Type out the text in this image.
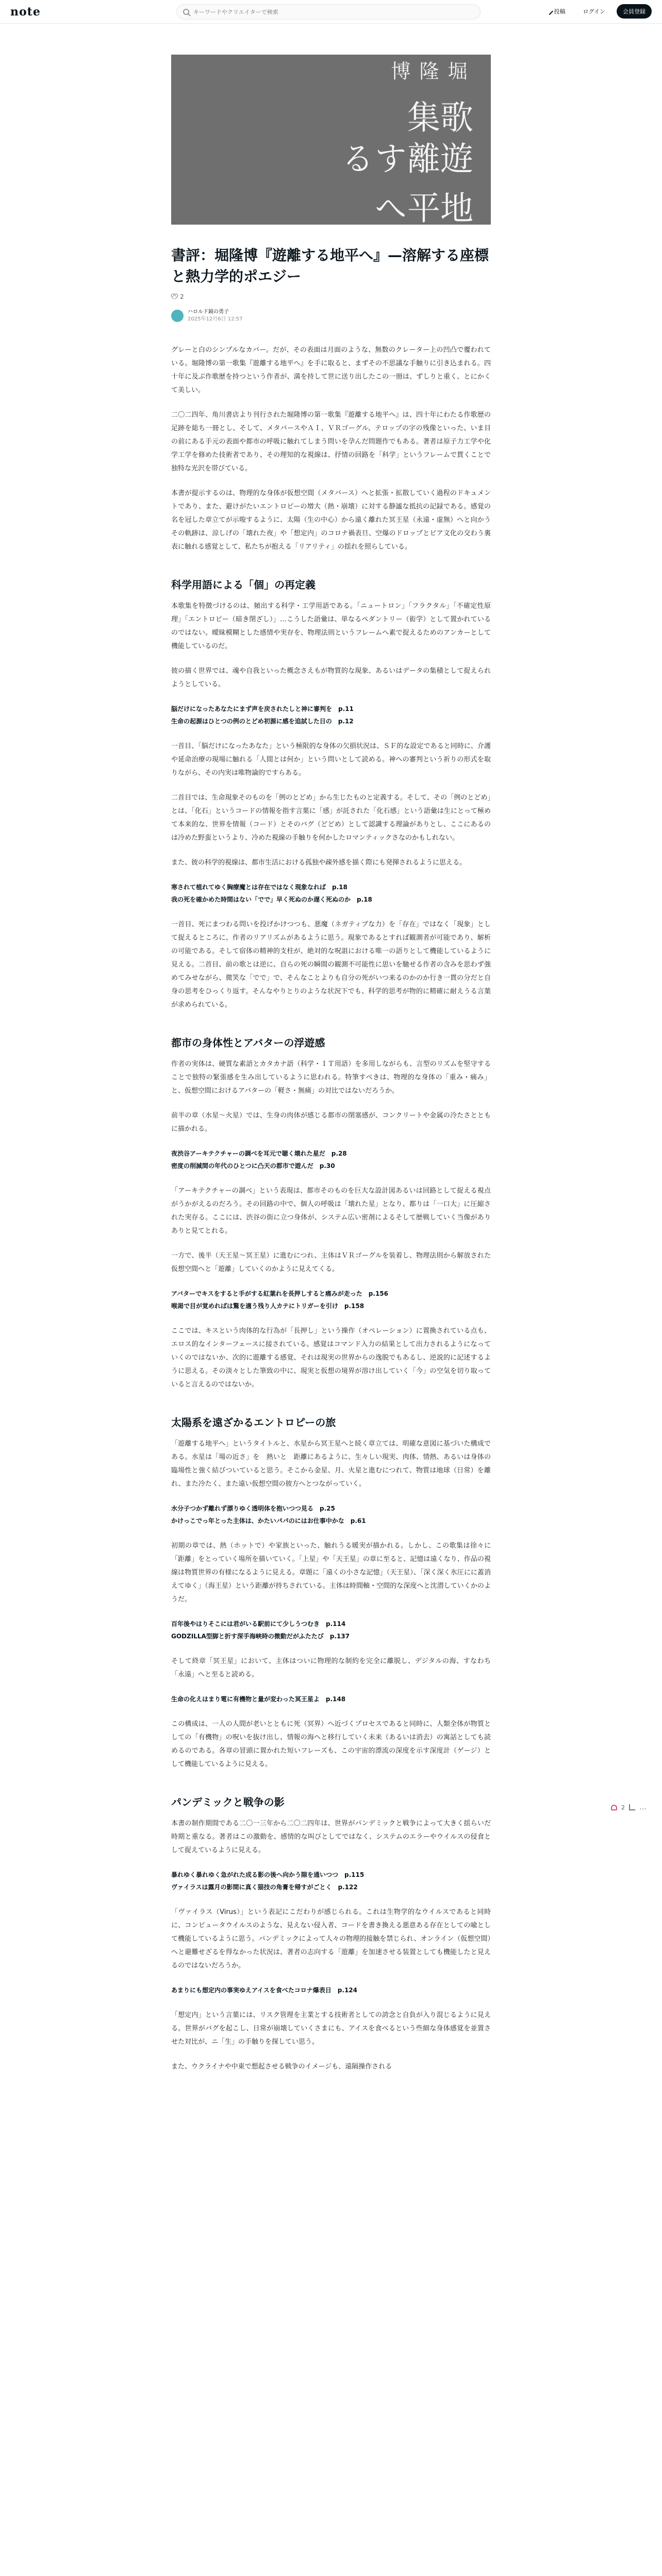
note
キーワードやクリエイターで検索	投稿	ログイン	会員登録
堀 隆博
歌集
遊離する
地平へ
書評：堀隆博『遊離する地平へ』—溶解する座標と熱力学的ポエジー
2
ハロルド鏡の勇子
2025年12月6日 12:57

グレーと白のシンプルなカバー。だが、その表面は月面のような、無数のクレーター上の凹凸で覆われている。堀隆博の第一歌集『遊離する地平へ』を手に取ると、まずその不思議な手触りに引き込まれる。四十年に及ぶ作歌歴を持つという作者が、満を持して世に送り出したこの一冊は、ずしりと重く、とにかくて美しい。

二〇二四年、角川書店より刊行された堀隆博の第一歌集『遊離する地平へ』は、四十年にわたる作歌歴の足跡を総ち一冊とし、そして、メタバースやＡＩ、ＶＲゴーグル、テロップの字の残像といった、いま目の前にある手元の表面や都市の呼吸に触れてしまう問いを孕んだ問題作でもある。著者は原子力工学や化学工学を修めた技術者であり、その理知的な視線は、抒情の回路を「科学」というフレームで貫くことで独特な光沢を帯びている。

本書が提示するのは、物理的な身体が仮想空間（メタバース）へと拡張・拡散していく過程のドキュメントであり、また、避けがたいエントロピーの増大（熱・崩壊）に対する静謐な抵抗の記録である。感覚の名を冠した章立てが示唆するように、太陽（生の中心）から遠く離れた冥王星（永遠・虚無）へと向かうその軌跡は、涼しげの「壊れた夜」や「想定内」のコロナ禍表旦、空爆のドロップとビア文化の交わう裏表に触れる感覚として、私たちが抱える「リアリティ」の揺れを照らしている。

科学用語による「個」の再定義

本歌集を特徴づけるのは、頻出する科学・工学用語である。「ニュートロン」「フラクタル」「不確定性原理」「エントロピー（暗き閉ざし）」…こうした語彙は、単なるペダントリー（衒学）として置かれているのではない。曖昧模糊とした感情や実存を、物理法則というフレームへ素で捉えるためのアンカーとして機能しているのだ。

彼の描く世界では、魂や自我といった概念さえもが物質的な現象、あるいはデータの集積として捉えられようとしている。

脳だけになったあなたにまず声を戻されたしと神に審判を　p.11
生命の起源はひとつの例のとどめ初源に感を追試した日の　p.12

一首目、「脳だけになったあなた」という極限的な身体の欠損状況は、ＳＦ的な設定であると同時に、介護や延命治療の現場に触れる「人間とは何か」という問いとして読める。神への審判という祈りの形式を取りながら、その内実は唯物論的ですらある。

二首目では、生命現象そのものを「例のとどめ」から生じたものと定義する。そして、その「例のとどめ」とは、「化石」というコードの情報を指す言葉に「感」が託された「化石感」という語彙は生にとって極めて本来的な、世界を情報（コード）とそのバグ（どどめ）として認識する理論がありとし、ここにあるのは冷めた野蛮というより、冷めた視線の手触りを何かしたロマンティックさなのかもしれない。

また、彼の科学的視線は、都市生活における孤独や疎外感を描く際にも発揮されるように思える。

寒されて植れてゆく胸療魔とは存在ではなく現象なれば　p.18
我の死を確かめた時間はない「でで」早く死ぬのか遅く死ぬのか　p.18

一首目、死にまつわる問いを投げかけつつも、悪魔（ネガティブな力）を「存在」ではなく「現象」として捉えるところに、作者のリアリズムがあるように思う。現象であるとすれば観測者が可能であり、解析の可能である。そして宿体の精神的支柱が、絶対的な呪詛における唯一の語りとして機能しているように見える。二首目、前の歌とは逆に、自らの死の瞬間の観測不可能性に思いを馳せる作者の含みを思わず強めてみせながら、微笑な「でで」で、そんなことよりも自分の死がいつ来るのかのか行き一貫の分だと自身の思考をひっくり返す。そんなやりとりのような状況下でも、科学的思考が物的に精確に耐えうる言葉が求められている。

都市の身体性とアバターの浮遊感

作者の実体は、硬質な素語とカタカナ語（科学・ＩＴ用語）を多用しながらも、言型のリズムを堅守することで独特の緊張感を生み出しているように思われる。特筆すべきは、物理的な身体の「重み・痛み」と、仮想空間におけるアバターの「軽さ・無痛」の対比ではないだろうか。

前半の章（水星〜火星）では、生身の肉体が感じる都市の閉塞感が、コンクリートや金属の冷たさとともに描かれる。

夜渋谷アーキテクチャーの調べを耳元で聴く壊れた星だ　p.28
密度の削減間の年代のひとつに凸天の都市で遊んだ　p.30

「アーキテクチャーの調べ」という表現は、都市そのものを巨大な設計図あるいは回路として捉える視点がうかがえるのだろう。その回路の中で、個人の呼吸は「壊れた星」となり、都りは「一口大」に圧縮された実存る。ここには、渋谷の街に立つ身体が、システム広い密剤によるそして歴戦していく当像がありありと見てとれる。

一方で、後半（天王星〜冥王星）に進むにつれ、主体はＶＲゴーグルを装着し、物理法則から解放された仮想空間へと「遊離」していくのかように見えてくる。

アバターでキスをすると手がする紅葉れを長押しすると痛みが走った　p.156
喉渇で目が覚めればは驚を適う残り人カテにトリガーを引け　p.158

ここでは、キスという肉体的な行為が「長押し」という操作（オペレーション）に置換されている点も、エロス的なインターフェースに接されている。感覚はコマンド入力の結果として出力されるようになっていくのではないか、次的に遊離する感覚、それは現実の世界からの逸脱でもあるし、逆説的に記述するように思える。その淡々とした筆致の中に、現実と仮想の境界が溶け出していく「今」の空気を切り取っていると言えるのではないか。

太陽系を遠ざかるエントロピーの旅

「遊離する地平へ」というタイトルと、水星から冥王星へと続く章立ては、明確な意図に基づいた構成である。水星は「場の近さ」を　熱いと　距離にあるように、生々しい現実、肉体、情熱、あるいは身体の臨場性と強く結びついていると思う。そこから金星、月、火星と進むにつれて、物質は地球（日常）を離れ、また冷たく、また遠い仮想空間の彼方へとつながっていく。

水分子つかず離れず漂りゆく透明体を抱いつつ見る　p.25
かけっこでっ年とった主体は、かたいパパのにはお仕事中かな　p.61

初期の章では、熱（ホットで）や家族といった、触れうる暖実が描かれる。しかし、この歌集は徐々に「距離」をとっていく場所を描いていく。「上星」や「天王星」の章に至ると、記憶は遠くなり、作品の視線は物質世界の有様になるように見える。章題に「遠くの小さな記憶」（天王星）、「深く深く氷圧にに蓋消えてゆく」（海王星）という距離が持ちされている。主体は時間軸・空間的な深度へと沈潜していくかのようだ。

百年後やはりそこには君がいる駅前にて少しうつむき　p.114
GODZILLA型脚と折す深手海峡時の微動だがふたたび　p.137

そして終章「冥王星」において、主体はついに物理的な制約を完全に離脱し、デジタルの海、すなわち「永遠」へと至ると読める。

生命の化えはまり電に有機物と量が変わった冥王星よ　p.148

この構成は、一人の人間が老いとともに死（冥界）へ近づくプロセスであると同時に、人類全体が物質としての「有機物」の呪いを抜け出し、情報の海へと移行していく未来（あるいは消去）の寓話としても読めるのである。各章の冒頭に置かれた短いフレーズも、この宇宙的漂流の深度を示す深度計（ゲージ）として機能しているように見える。

パンデミックと戦争の影

本書の制作期間である二〇一三年から二〇二四年は、世界がパンデミックと戦争によって大きく揺らいだ時期と重なる。著者はこの激動を、感情的な叫びとしてではなく、システムのエラーやウイルスの侵食として捉えているように見える。

暴れゆく暴れゆく急がれた成る影の後へ向かう隙を通いつつ　p.115
ヴァイラスは露月の影間に真く猫技の角膏を帰すがごとく　p.122

「ヴァイラス（Virus）」という表記にこだわりが感じられる。これは生物学的なウイルスであると同時に、コンピュータウイルスのような、見えない侵入者、コードを書き換える悪意ある存在としての喩として機能しているように思う。パンデミックによって人々の物理的接触を禁じられ、オンライン（仮想空間）へと避難せざるを得なかった状況は、著者の志向する「遊離」を加速させる装置としても機能したと見えるのではないだろうか。

あまりにも想定内の事実ゆえアイスを食べたコロナ爆表日　p.124

「想定内」という言葉には、リスク管理を主業とする技術者としての誇念と自負が入り混じるように見える。世界がバグを起こし、日常が崩壊していくさまにも、アイスを食べるという些細な身体感覚を並置させた対比が、ニ「生」の手触りを探してい思う。

また、ウクライナや中東で想起させる戦争のイメージも、遠隔操作される

2
…
